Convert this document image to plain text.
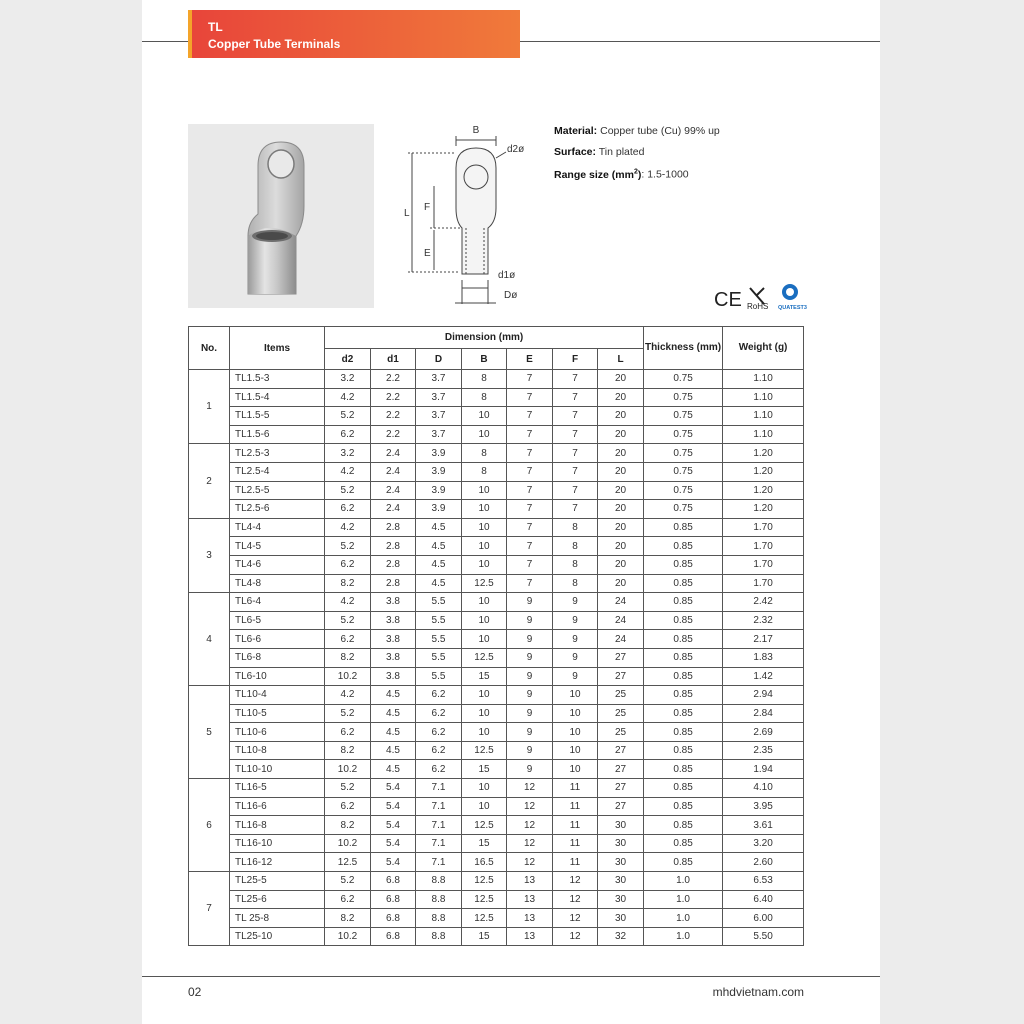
TL
Copper Tube Terminals
B
d2ø
L
F
E
d1ø
Dø
Material: Copper tube (Cu) 99% up
Surface: Tin plated
Range size $(mm^2)$: 1.5-1000
CE RoHS QUATEST3
No.	Items	Dimension (mm)							Thickness (mm)	Weight (g)
		d2	d1	D	B	E	F	L		
1	TL1.5-3	3.2	2.2	3.7	8	7	7	20	0.75	1.10
	TL1.5-4	4.2	2.2	3.7	8	7	7	20	0.75	1.10
	TL1.5-5	5.2	2.2	3.7	10	7	7	20	0.75	1.10
	TL1.5-6	6.2	2.2	3.7	10	7	7	20	0.75	1.10
2	TL2.5-3	3.2	2.4	3.9	8	7	7	20	0.75	1.20
	TL2.5-4	4.2	2.4	3.9	8	7	7	20	0.75	1.20
	TL2.5-5	5.2	2.4	3.9	10	7	7	20	0.75	1.20
	TL2.5-6	6.2	2.4	3.9	10	7	7	20	0.75	1.20
3	TL4-4	4.2	2.8	4.5	10	7	8	20	0.85	1.70
	TL4-5	5.2	2.8	4.5	10	7	8	20	0.85	1.70
	TL4-6	6.2	2.8	4.5	10	7	8	20	0.85	1.70
	TL4-8	8.2	2.8	4.5	12.5	7	8	20	0.85	1.70
4	TL6-4	4.2	3.8	5.5	10	9	9	24	0.85	2.42
	TL6-5	5.2	3.8	5.5	10	9	9	24	0.85	2.32
	TL6-6	6.2	3.8	5.5	10	9	9	24	0.85	2.17
	TL6-8	8.2	3.8	5.5	12.5	9	9	27	0.85	1.83
	TL6-10	10.2	3.8	5.5	15	9	9	27	0.85	1.42
5	TL10-4	4.2	4.5	6.2	10	9	10	25	0.85	2.94
	TL10-5	5.2	4.5	6.2	10	9	10	25	0.85	2.84
	TL10-6	6.2	4.5	6.2	10	9	10	25	0.85	2.69
	TL10-8	8.2	4.5	6.2	12.5	9	10	27	0.85	2.35
	TL10-10	10.2	4.5	6.2	15	9	10	27	0.85	1.94
6	TL16-5	5.2	5.4	7.1	10	12	11	27	0.85	4.10
	TL16-6	6.2	5.4	7.1	10	12	11	27	0.85	3.95
	TL16-8	8.2	5.4	7.1	12.5	12	11	30	0.85	3.61
	TL16-10	10.2	5.4	7.1	15	12	11	30	0.85	3.20
	TL16-12	12.5	5.4	7.1	16.5	12	11	30	0.85	2.60
7	TL25-5	5.2	6.8	8.8	12.5	13	12	30	1.0	6.53
	TL25-6	6.2	6.8	8.8	12.5	13	12	30	1.0	6.40
	TL 25-8	8.2	6.8	8.8	12.5	13	12	30	1.0	6.00
	TL25-10	10.2	6.8	8.8	15	13	12	32	1.0	5.50
02	mhdvietnam.com
